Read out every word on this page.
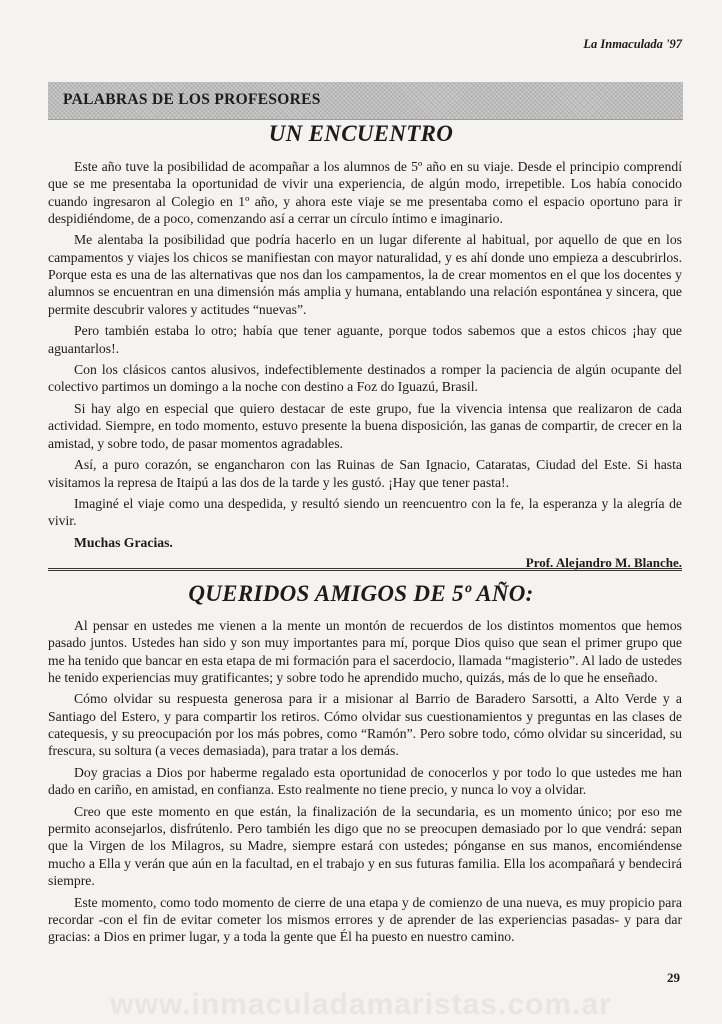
La Inmaculada '97
PALABRAS DE LOS PROFESORES
UN ENCUENTRO

Este año tuve la posibilidad de acompañar a los alumnos de 5º año en su viaje. Desde el principio comprendí que se me presentaba la oportunidad de vivir una experiencia, de algún modo, irrepetible. Los había conocido cuando ingresaron al Colegio en 1º año, y ahora este viaje se me presentaba como el espacio oportuno para ir despidiéndome, de a poco, comenzando así a cerrar un círculo íntimo e imaginario.

Me alentaba la posibilidad que podría hacerlo en un lugar diferente al habitual, por aquello de que en los campamentos y viajes los chicos se manifiestan con mayor naturalidad, y es ahí donde uno empieza a descubrirlos. Porque esta es una de las alternativas que nos dan los campamentos, la de crear momentos en el que los docentes y alumnos se encuentran en una dimensión más amplia y humana, entablando una relación espontánea y sincera, que permite descubrir valores y actitudes “nuevas”.

Pero también estaba lo otro; había que tener aguante, porque todos sabemos que a estos chicos ¡hay que aguantarlos!.

Con los clásicos cantos alusivos, indefectiblemente destinados a romper la paciencia de algún ocupante del colectivo partimos un domingo a la noche con destino a Foz do Iguazú, Brasil.

Si hay algo en especial que quiero destacar de este grupo, fue la vivencia intensa que realizaron de cada actividad. Siempre, en todo momento, estuvo presente la buena disposición, las ganas de compartir, de crecer en la amistad, y sobre todo, de pasar momentos agradables.

Así, a puro corazón, se engancharon con las Ruinas de San Ignacio, Cataratas, Ciudad del Este. Si hasta visitamos la represa de Itaipú a las dos de la tarde y les gustó. ¡Hay que tener pasta!.

Imaginé el viaje como una despedida, y resultó siendo un reencuentro con la fe, la esperanza y la alegría de vivir.

Muchas Gracias.

Prof. Alejandro M. Blanche.
QUERIDOS AMIGOS DE 5º AÑO:

Al pensar en ustedes me vienen a la mente un montón de recuerdos de los distintos momentos que hemos pasado juntos. Ustedes han sido y son muy importantes para mí, porque Dios quiso que sean el primer grupo que me ha tenido que bancar en esta etapa de mi formación para el sacerdocio, llamada “magisterio”. Al lado de ustedes he tenido experiencias muy gratificantes; y sobre todo he aprendido mucho, quizás, más de lo que he enseñado.

Cómo olvidar su respuesta generosa para ir a misionar al Barrio de Baradero Sarsotti, a Alto Verde y a Santiago del Estero, y para compartir los retiros. Cómo olvidar sus cuestionamientos y preguntas en las clases de catequesis, y su preocupación por los más pobres, como “Ramón”. Pero sobre todo, cómo olvidar su sinceridad, su frescura, su soltura (a veces demasiada), para tratar a los demás.

Doy gracias a Dios por haberme regalado esta oportunidad de conocerlos y por todo lo que ustedes me han dado en cariño, en amistad, en confianza. Esto realmente no tiene precio, y nunca lo voy a olvidar.

Creo que este momento en que están, la finalización de la secundaria, es un momento único; por eso me permito aconsejarlos, disfrútenlo. Pero también les digo que no se preocupen demasiado por lo que vendrá: sepan que la Virgen de los Milagros, su Madre, siempre estará con ustedes; pónganse en sus manos, encomiéndense mucho a Ella y verán que aún en la facultad, en el trabajo y en sus futuras familia. Ella los acompañará y bendecirá siempre.

Este momento, como todo momento de cierre de una etapa y de comienzo de una nueva, es muy propicio para recordar -con el fin de evitar cometer los mismos errores y de aprender de las experiencias pasadas- y para dar gracias: a Dios en primer lugar, y a toda la gente que Él ha puesto en nuestro camino.

29
www.inmaculadamaristas.com.ar
